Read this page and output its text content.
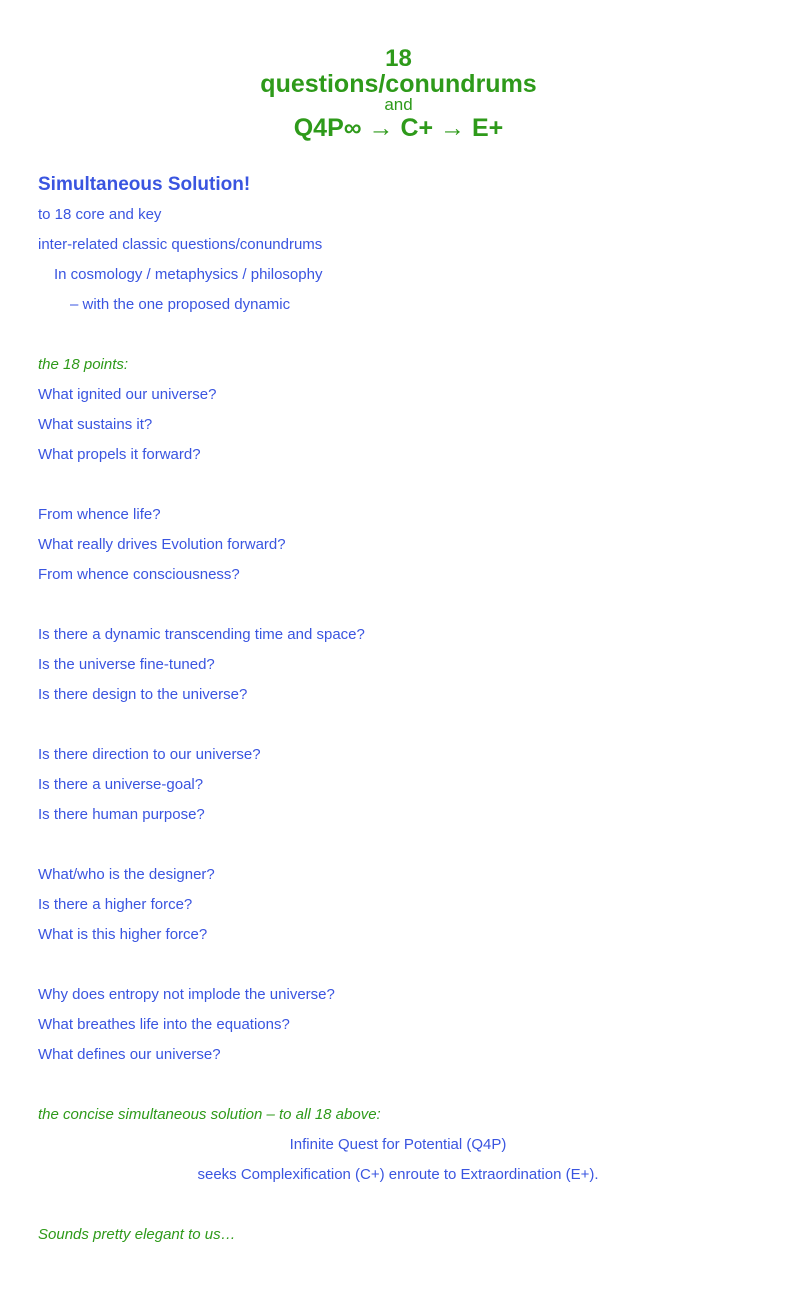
18
questions/conundrums
and
Q4P∞ → C+ → E+
Simultaneous Solution!
to 18 core and key
inter-related classic questions/conundrums
In cosmology / metaphysics / philosophy
– with the one proposed dynamic
the 18 points:
What ignited our universe?
What sustains it?
What propels it forward?
From whence life?
What really drives Evolution forward?
From whence consciousness?
Is there a dynamic transcending time and space?
Is the universe fine-tuned?
Is there design to the universe?
Is there direction to our universe?
Is there a universe-goal?
Is there human purpose?
What/who is the designer?
Is there a higher force?
What is this higher force?
Why does entropy not implode the universe?
What breathes life into the equations?
What defines our universe?
the concise simultaneous solution – to all 18 above:
Infinite Quest for Potential (Q4P)
seeks Complexification (C+) enroute to Extraordination (E+).
Sounds pretty elegant to us…
